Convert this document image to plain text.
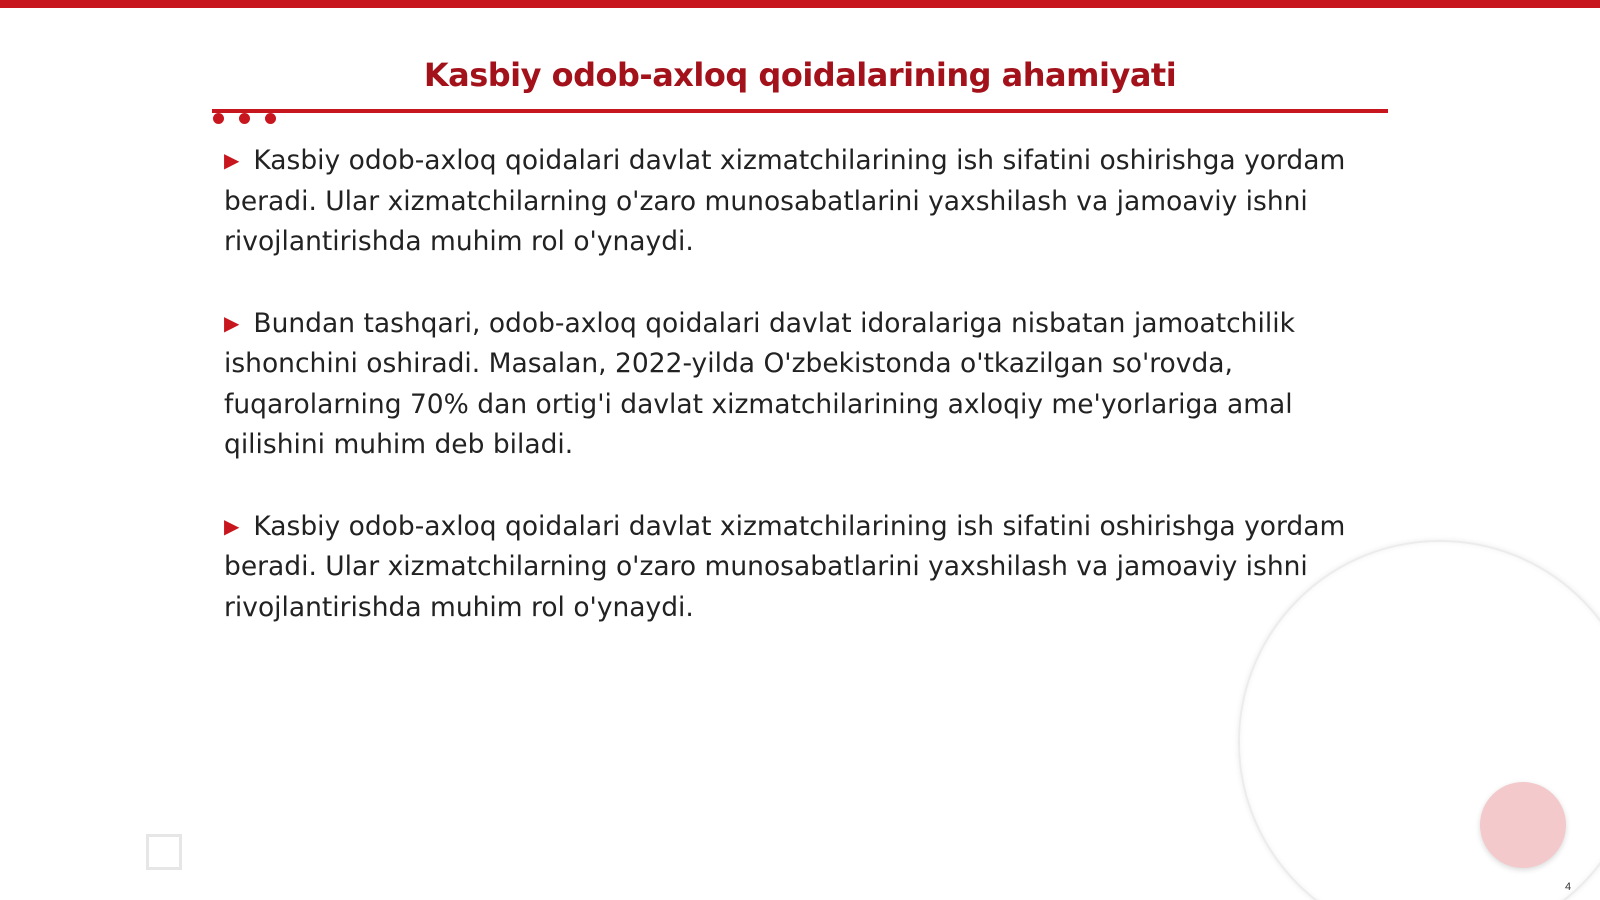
Kasbiy odob-axloq qoidalarining ahamiyati

▶ Kasbiy odob-axloq qoidalari davlat xizmatchilarining ish sifatini oshirishga yordam beradi. Ular xizmatchilarning o'zaro munosabatlarini yaxshilash va jamoaviy ishni rivojlantirishda muhim rol o'ynaydi.

▶ Bundan tashqari, odob-axloq qoidalari davlat idoralariga nisbatan jamoatchilik ishonchini oshiradi. Masalan, 2022-yilda O'zbekistonda o'tkazilgan so'rovda, fuqarolarning 70% dan ortig'i davlat xizmatchilarining axloqiy me'yorlariga amal qilishini muhim deb biladi.

▶ Kasbiy odob-axloq qoidalari davlat xizmatchilarining ish sifatini oshirishga yordam beradi. Ular xizmatchilarning o'zaro munosabatlarini yaxshilash va jamoaviy ishni rivojlantirishda muhim rol o'ynaydi.

4
